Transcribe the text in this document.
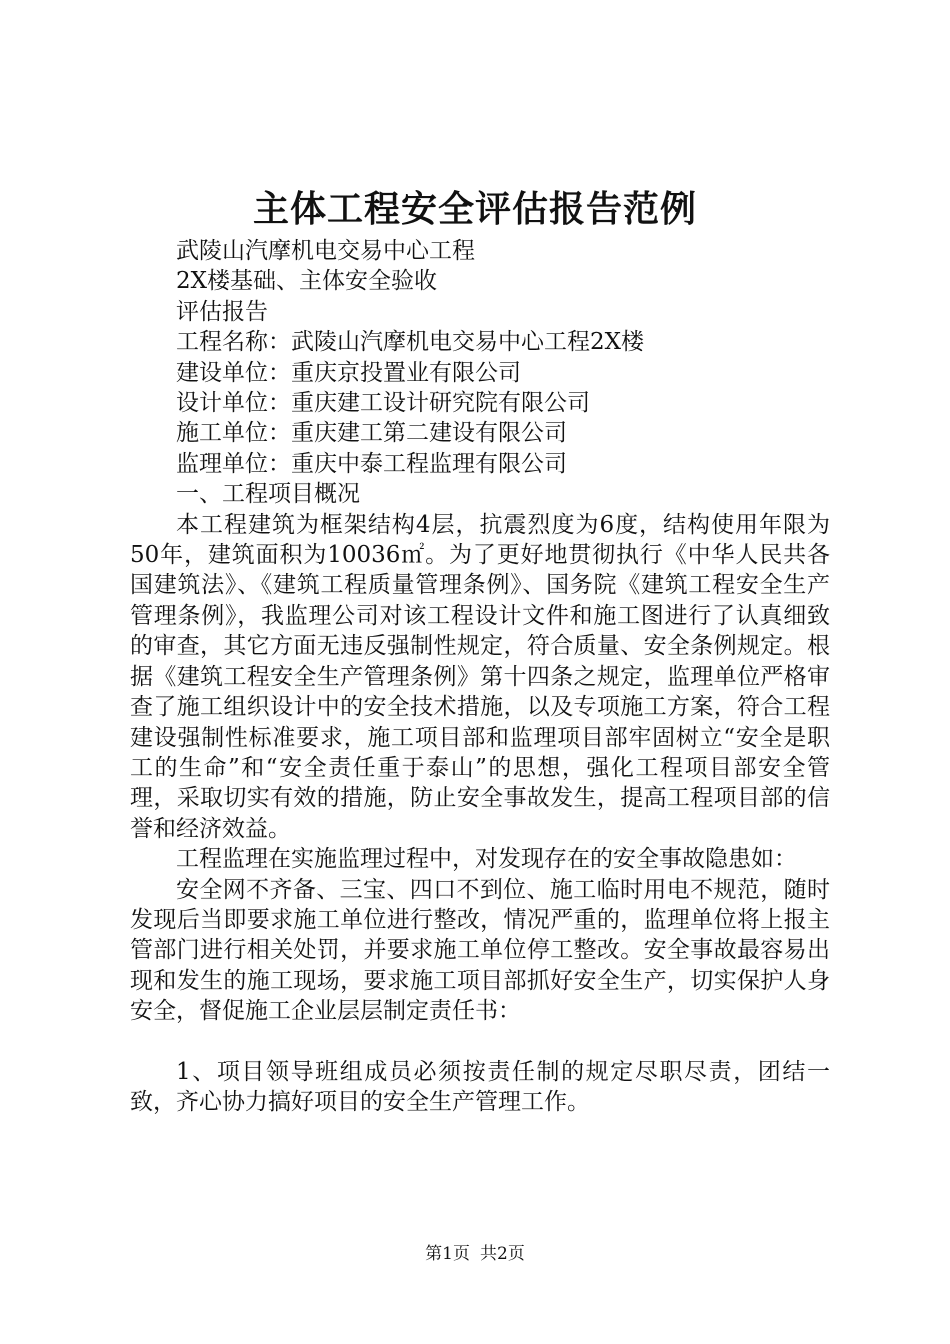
主体工程安全评估报告范例

武陵山汽摩机电交易中心工程

2X楼基础、主体安全验收

评估报告

工程名称：武陵山汽摩机电交易中心工程2X楼

建设单位：重庆京投置业有限公司

设计单位：重庆建工设计研究院有限公司

施工单位：重庆建工第二建设有限公司

监理单位：重庆中泰工程监理有限公司

一、工程项目概况

本工程建筑为框架结构4层，抗震烈度为6度，结构使用年限为50年，建筑面积为10036㎡。为了更好地贯彻执行《中华人民共各国建筑法》、《建筑工程质量管理条例》、国务院《建筑工程安全生产管理条例》，我监理公司对该工程设计文件和施工图进行了认真细致的审查，其它方面无违反强制性规定，符合质量、安全条例规定。根据《建筑工程安全生产管理条例》第十四条之规定，监理单位严格审查了施工组织设计中的安全技术措施，以及专项施工方案，符合工程建设强制性标准要求，施工项目部和监理项目部牢固树立“安全是职工的生命”和“安全责任重于泰山”的思想，强化工程项目部安全管理，采取切实有效的措施，防止安全事故发生，提高工程项目部的信誉和经济效益。

工程监理在实施监理过程中，对发现存在的安全事故隐患如：

安全网不齐备、三宝、四口不到位、施工临时用电不规范，随时发现后当即要求施工单位进行整改，情况严重的，监理单位将上报主管部门进行相关处罚，并要求施工单位停工整改。安全事故最容易出现和发生的施工现场，要求施工项目部抓好安全生产，切实保护人身安全，督促施工企业层层制定责任书：

1、项目领导班组成员必须按责任制的规定尽职尽责，团结一致，齐心协力搞好项目的安全生产管理工作。

第1页 共2页
